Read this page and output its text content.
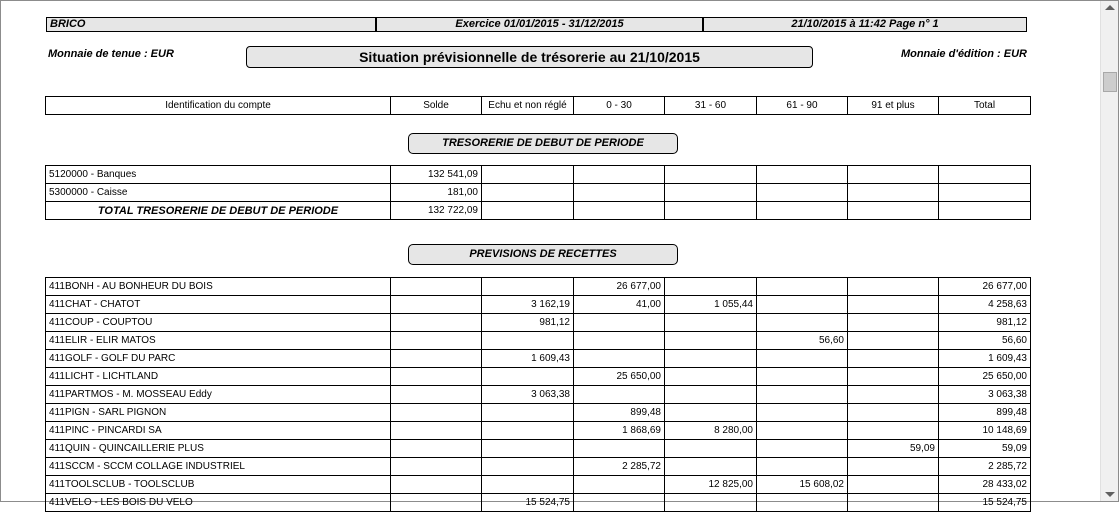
BRICO	Exercice 01/01/2015 - 31/12/2015	21/10/2015 à 11:42 Page n° 1
Monnaie de tenue : EUR	Situation prévisionnelle de trésorerie au 21/10/2015	Monnaie d'édition : EUR
Identification du compte	Solde	Echu et non réglé	0 - 30	31 - 60	61 - 90	91 et plus	Total
TRESORERIE DE DEBUT DE PERIODE
5120000 - Banques	132 541,09						
5300000 - Caisse	181,00						
TOTAL TRESORERIE DE DEBUT DE PERIODE	132 722,09						
PREVISIONS DE RECETTES
411BONH - AU BONHEUR DU BOIS			26 677,00				26 677,00
411CHAT - CHATOT		3 162,19	41,00	1 055,44			4 258,63
411COUP - COUPTOU		981,12					981,12
411ELIR - ELIR MATOS					56,60		56,60
411GOLF - GOLF DU PARC		1 609,43					1 609,43
411LICHT - LICHTLAND			25 650,00				25 650,00
411PARTMOS - M. MOSSEAU Eddy		3 063,38					3 063,38
411PIGN - SARL PIGNON			899,48				899,48
411PINC - PINCARDI SA			1 868,69	8 280,00			10 148,69
411QUIN - QUINCAILLERIE PLUS						59,09	59,09
411SCCM - SCCM COLLAGE INDUSTRIEL			2 285,72				2 285,72
411TOOLSCLUB - TOOLSCLUB				12 825,00	15 608,02		28 433,02
411VELO - LES BOIS DU VELO		15 524,75					15 524,75
